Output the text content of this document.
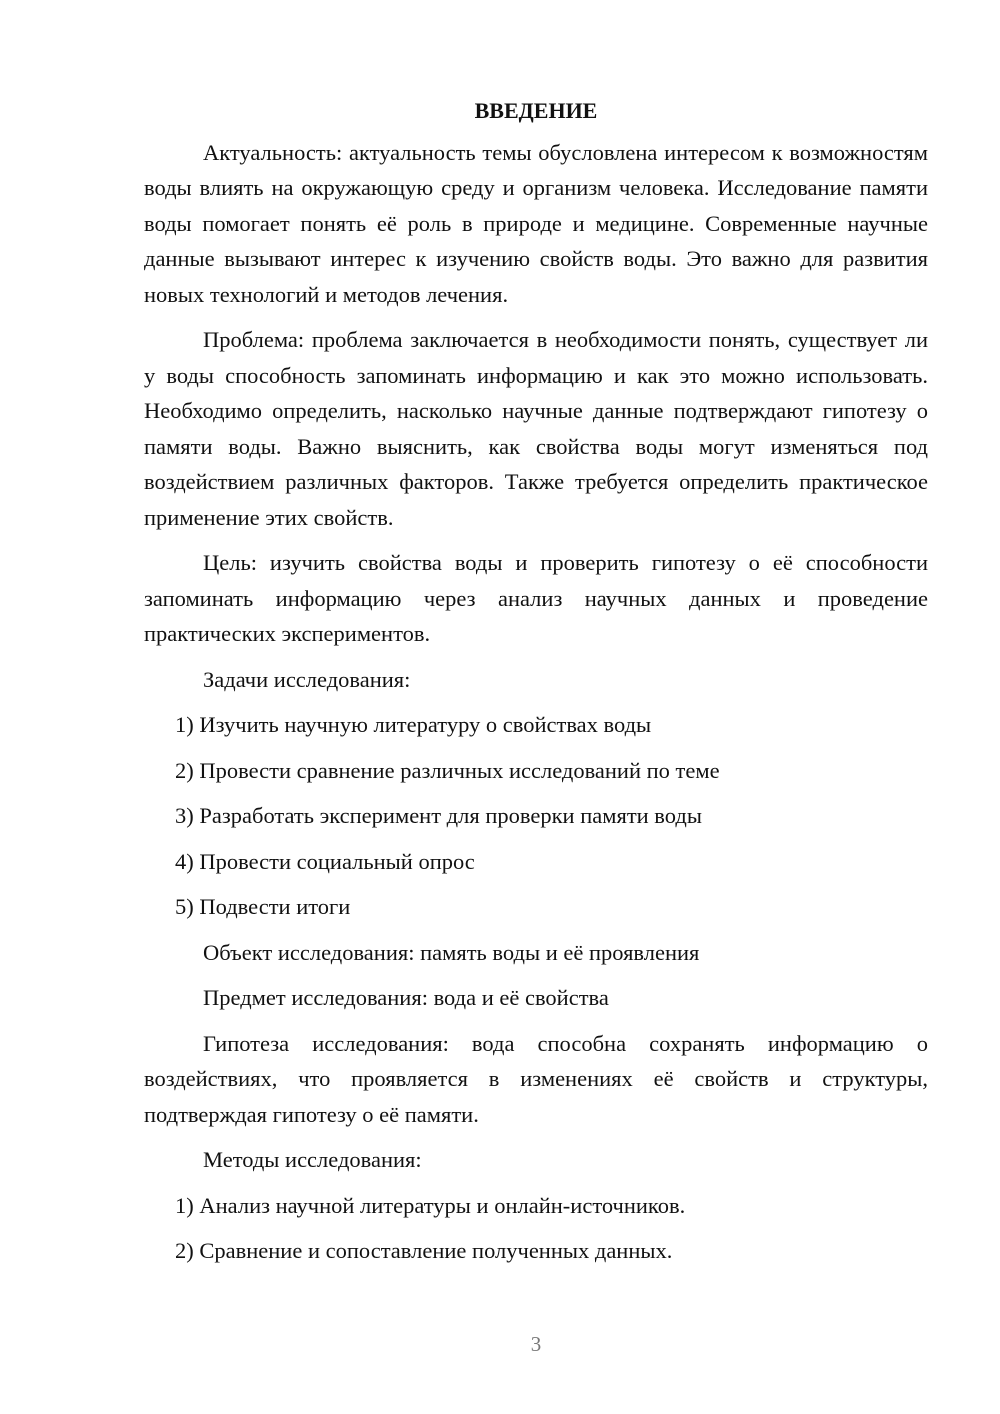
ВВЕДЕНИЕ

Актуальность: актуальность темы обусловлена интересом к возможностям воды влиять на окружающую среду и организм человека. Исследование памяти воды помогает понять её роль в природе и медицине. Современные научные данные вызывают интерес к изучению свойств воды. Это важно для развития новых технологий и методов лечения.

Проблема: проблема заключается в необходимости понять, существует ли у воды способность запоминать информацию и как это можно использовать. Необходимо определить, насколько научные данные подтверждают гипотезу о памяти воды. Важно выяснить, как свойства воды могут изменяться под воздействием различных факторов. Также требуется определить практическое применение этих свойств.

Цель: изучить свойства воды и проверить гипотезу о её способности запоминать информацию через анализ научных данных и проведение практических экспериментов.

Задачи исследования:

1) Изучить научную литературу о свойствах воды

2) Провести сравнение различных исследований по теме

3) Разработать эксперимент для проверки памяти воды

4) Провести социальный опрос

5) Подвести итоги

Объект исследования: память воды и её проявления

Предмет исследования: вода и её свойства

Гипотеза исследования: вода способна сохранять информацию о воздействиях, что проявляется в изменениях её свойств и структуры, подтверждая гипотезу о её памяти.

Методы исследования:

1) Анализ научной литературы и онлайн-источников.

2) Сравнение и сопоставление полученных данных.

3
